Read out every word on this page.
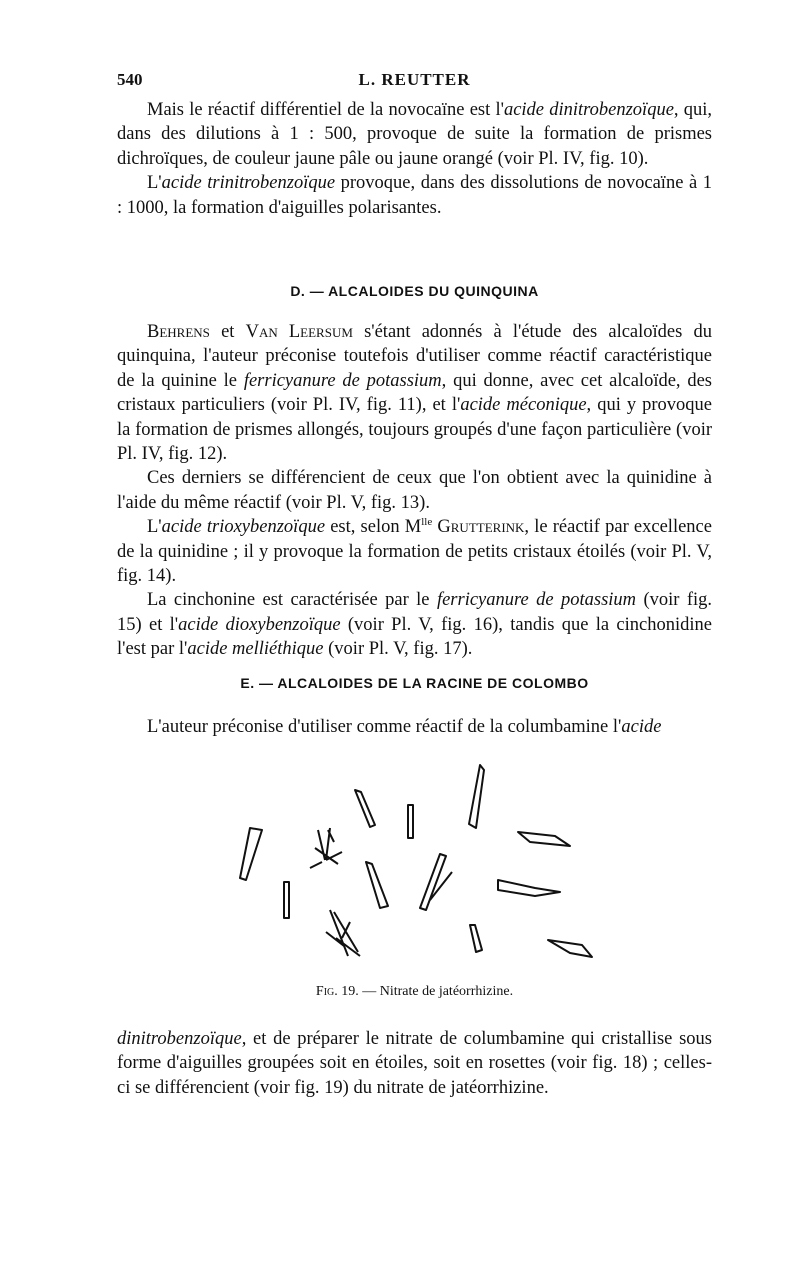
540	L. REUTTER

Mais le réactif différentiel de la novocaïne est l'acide dinitrobenzoïque, qui, dans des dilutions à 1 : 500, provoque de suite la formation de prismes dichroïques, de couleur jaune pâle ou jaune orangé (voir Pl. IV, fig. 10).

L'acide trinitrobenzoïque provoque, dans des dissolutions de novocaïne à 1 : 1000, la formation d'aiguilles polarisantes.

D. — ALCALOIDES DU QUINQUINA

Behrens et Van Leersum s'étant adonnés à l'étude des alcaloïdes du quinquina, l'auteur préconise toutefois d'utiliser comme réactif caractéristique de la quinine le ferricyanure de potassium, qui donne, avec cet alcaloïde, des cristaux particuliers (voir Pl. IV, fig. 11), et l'acide méconique, qui y provoque la formation de prismes allongés, toujours groupés d'une façon particulière (voir Pl. IV, fig. 12).

Ces derniers se différencient de ceux que l'on obtient avec la quinidine à l'aide du même réactif (voir Pl. V, fig. 13).

L'acide trioxybenzoïque est, selon $M^{lle}$ Grutterink, le réactif par excellence de la quinidine ; il y provoque la formation de petits cristaux étoilés (voir Pl. V, fig. 14).

La cinchonine est caractérisée par le ferricyanure de potassium (voir fig. 15) et l'acide dioxybenzoïque (voir Pl. V, fig. 16), tandis que la cinchonidine l'est par l'acide melliéthique (voir Pl. V, fig. 17).

E. — ALCALOIDES DE LA RACINE DE COLOMBO

L'auteur préconise d'utiliser comme réactif de la columbamine l'acide

Fig. 19. — Nitrate de jatéorrhizine.

dinitrobenzoïque, et de préparer le nitrate de columbamine qui cristallise sous forme d'aiguilles groupées soit en étoiles, soit en rosettes (voir fig. 18) ; celles-ci se différencient (voir fig. 19) du nitrate de jatéorrhizine.
